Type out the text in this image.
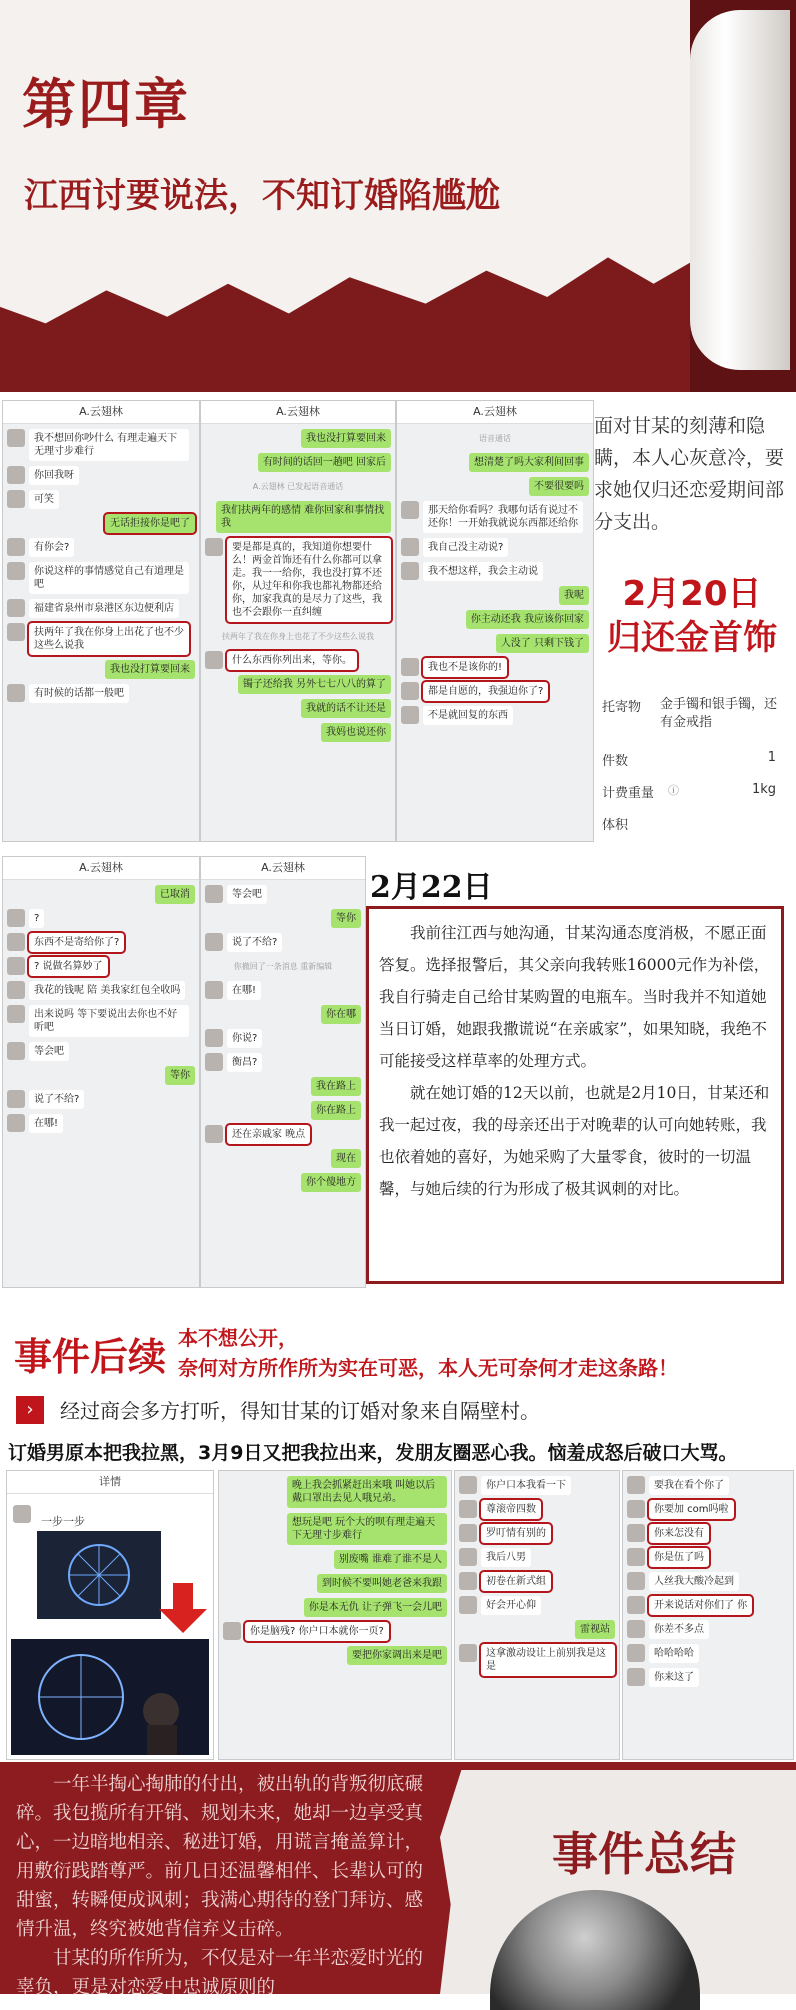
第四章
江西讨要说法，不知订婚陷尴尬
A.云翅林
我不想回你吵什么 有理走遍天下无理寸步难行
你回我呀
可笑
无话拒接你是吧了
有你会?
你说这样的事情感觉自己有道理是吧
福建省泉州市泉港区东边便利店
扶两年了我在你身上出花了也不少这些么说我
我也没打算要回来
有时候的话都一般吧
A.云翅林
我也没打算要回来
有时间的话回一趟吧 回家后
A.云翅林 已发起语音通话
我们扶两年的感情 难你回家和事情找我
要是都是真的，我知道你想要什么！两金首饰还有什么你都可以拿走。我一一给你，我也没打算不还你，从过年和你我也都礼物都还给你，加家我真的是尽力了这些，我也不会跟你一直纠缠
扶两年了我在你身上也花了不少这些么说我
什么东西你列出来，等你。
镯子还给我 另外七七八八的算了
我就的话不让还是
我妈也说还你
A.云翅林
语音通话
想清楚了吗大家利间回事
不要很要吗
那天给你看吗？我哪句话有说过不还你！一开始我就说东西都还给你
我自己没主动说?
我不想这样，我会主动说
我呢
你主动还我 我应该你回家
人没了 只剩下钱了
我也不是该你的!
都是自愿的，我强迫你了?
不是就回复的东西
面对甘某的刻薄和隐瞒，本人心灰意冷，要求她仅归还恋爱期间部分支出。
2月20日
归还金首饰
托寄物 金手镯和银手镯，还有金戒指
件数	1
计费重量 ⓘ	1kg
体积
A.云翅林
已取消
?
东西不是寄给你了?
? 说做名算妙了
我花的钱呢 陪 美我家红包全收吗
出来说吗 等下要说出去你也不好听吧
等会吧
等你
说了不给?
在哪!
A.云翅林
等会吧
等你
说了不给?
你撤回了一条消息 重新编辑
在哪!
你在哪
你说?
衡昌?
我在路上
你在路上
还在亲戚家 晚点
现在
你个傻地方
2月22日

我前往江西与她沟通，甘某沟通态度消极，不愿正面答复。选择报警后，其父亲向我转账16000元作为补偿，我自行骑走自己给甘某购置的电瓶车。当时我并不知道她当日订婚，她跟我撒谎说“在亲戚家”，如果知晓，我绝不可能接受这样草率的处理方式。

就在她订婚的12天以前，也就是2月10日，甘某还和我一起过夜，我的母亲还出于对晚辈的认可向她转账，我也依着她的喜好，为她采购了大量零食，彼时的一切温馨，与她后续的行为形成了极其讽刺的对比。

事件后续 本不想公开，
奈何对方所作所为实在可恶，本人无可奈何才走这条路！
›	经过商会多方打听，得知甘某的订婚对象来自隔壁村。
订婚男原本把我拉黑，3月9日又把我拉出来，发朋友圈恶心我。恼羞成怒后破口大骂。
详情
一步一步
晚上我会抓紧赶出来哦 叫她以后戴口罩出去见人哦兄弟。
想玩是吧 玩个大的呗有理走遍天下无理寸步难行
别废嘴 谁难了谁不是人
到时候不要叫她老爸来我跟
你是本无仇 让子弹飞一会儿吧
你是脑残? 你户口本就你一页?
要把你家调出来是吧
你户口本我看一下
尊滚帝四数
罗叮情有别的
我后八男
初卷在新式组
好会开心仰
雷视站
这拿激动设让上前别我是这是
要我在看个你了
你要加 com吗啦
你来怎没有
你是伍了吗
人丝我大酸冷起到
开来说话对你们了 你
你差不多点
哈哈哈哈
你来这了
事件总结

一年半掏心掏肺的付出，被出轨的背叛彻底碾碎。我包揽所有开销、规划未来，她却一边享受真心，一边暗地相亲、秘进订婚，用谎言掩盖算计，用敷衍践踏尊严。前几日还温馨相伴、长辈认可的甜蜜，转瞬便成讽刺；我满心期待的登门拜访、感情升温，终究被她背信弃义击碎。

甘某的所作所为，不仅是对一年半恋爱时光的辜负，更是对恋爱中忠诚原则的
